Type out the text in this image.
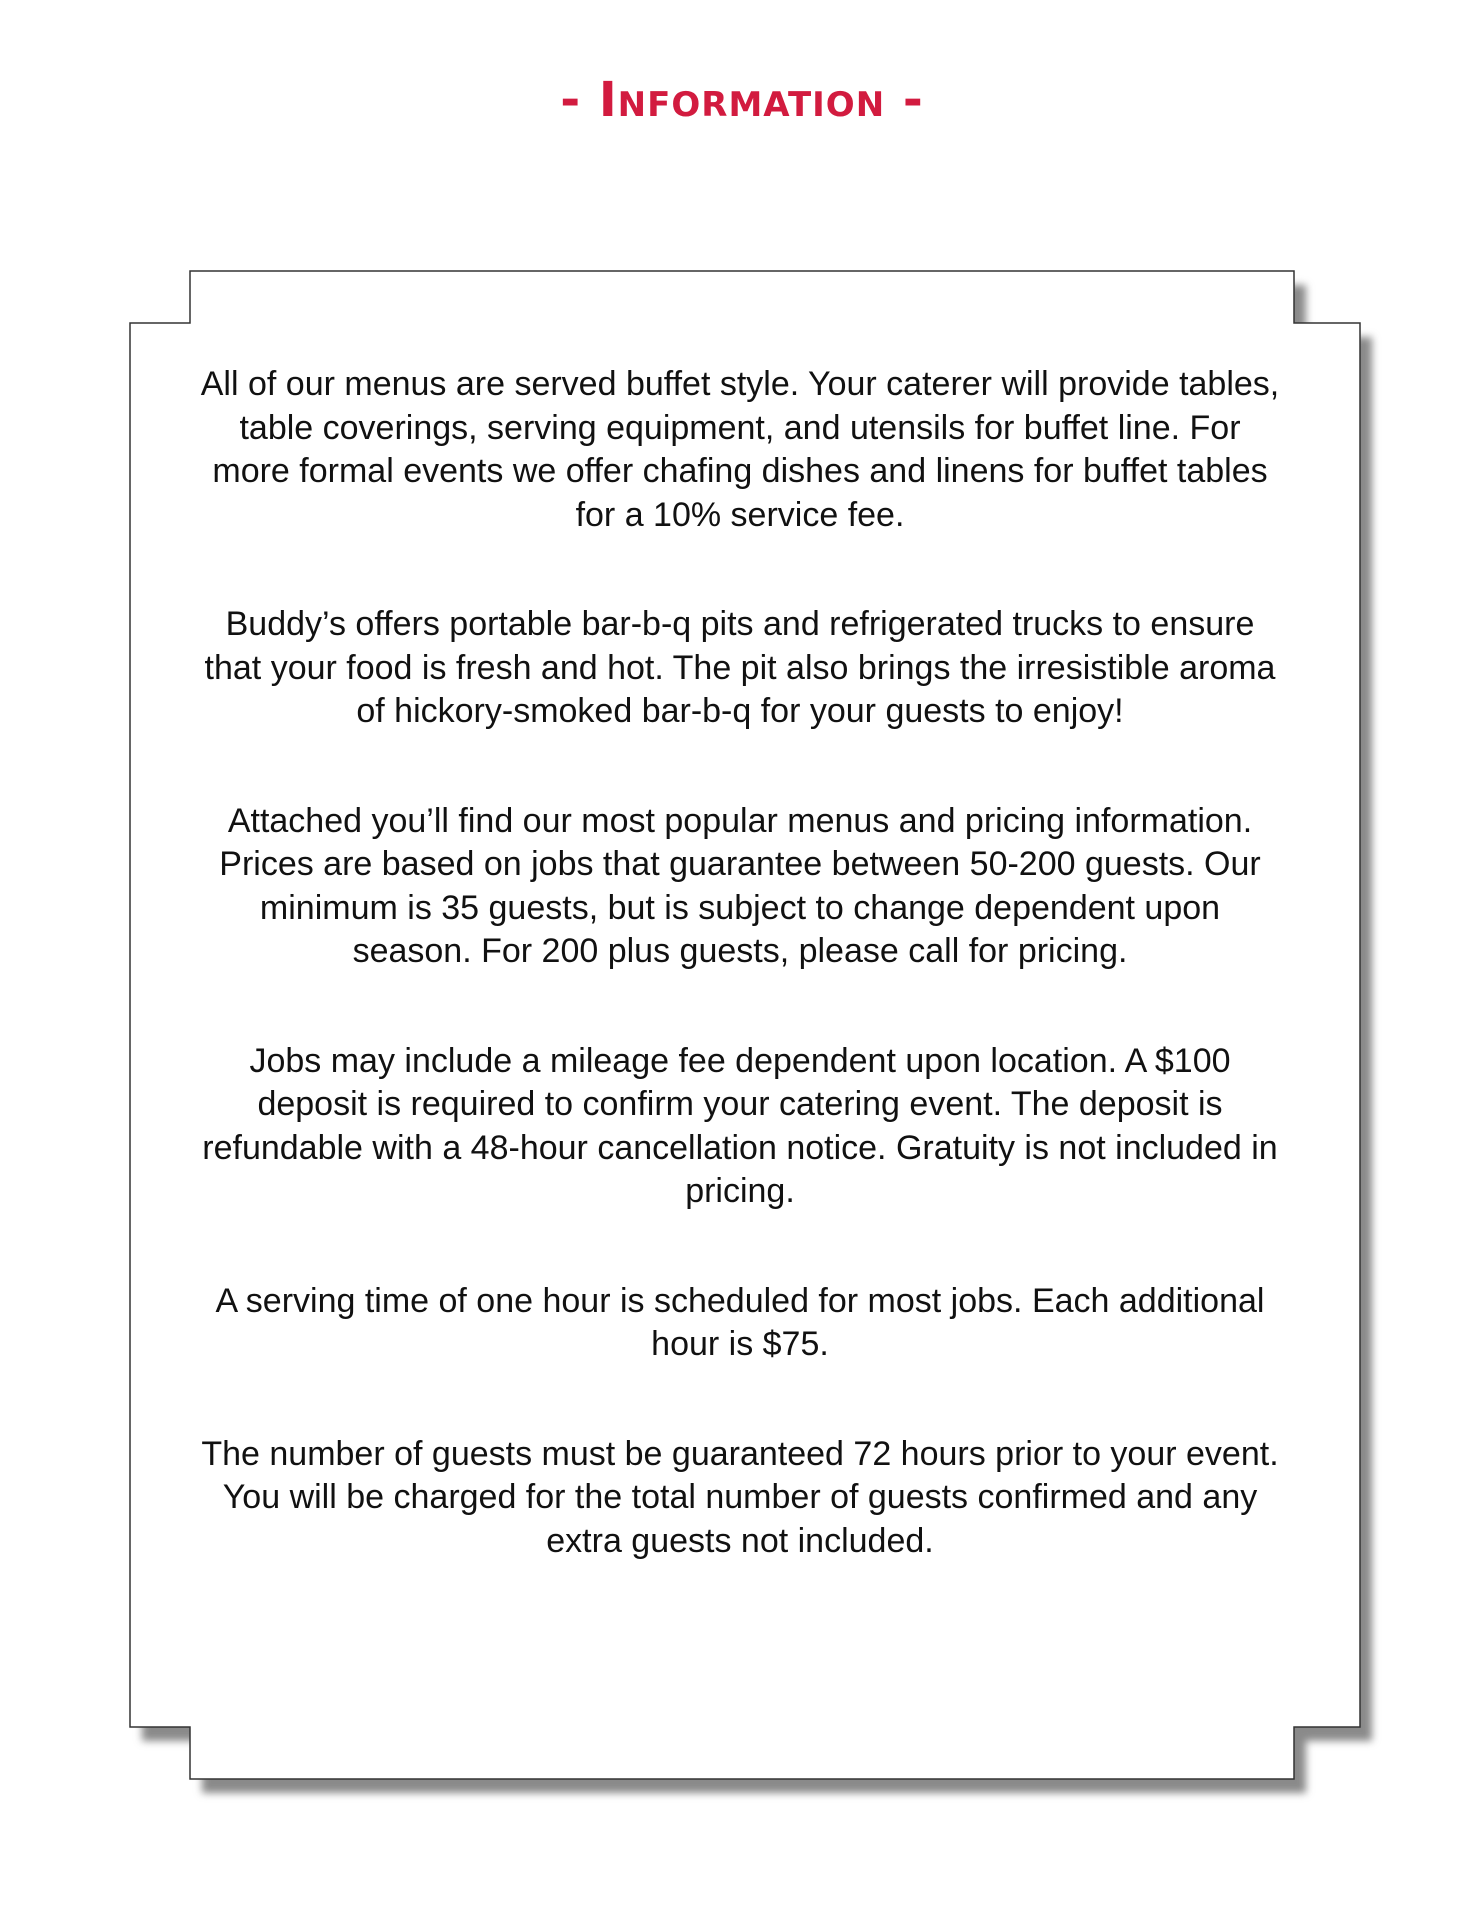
- Information -

All of our menus are served buffet style. Your caterer will provide tables, table coverings, serving equipment, and utensils for buffet line. For more formal events we offer chafing dishes and linens for buffet tables for a 10% service fee.

Buddy’s offers portable bar-b-q pits and refrigerated trucks to ensure that your food is fresh and hot. The pit also brings the irresistible aroma of hickory-smoked bar-b-q for your guests to enjoy!

Attached you’ll find our most popular menus and pricing information. Prices are based on jobs that guarantee between 50-200 guests. Our minimum is 35 guests, but is subject to change dependent upon season. For 200 plus guests, please call for pricing.

Jobs may include a mileage fee dependent upon location. A $100 deposit is required to confirm your catering event. The deposit is refundable with a 48-hour cancellation notice. Gratuity is not included in pricing.

A serving time of one hour is scheduled for most jobs. Each additional hour is $75.

The number of guests must be guaranteed 72 hours prior to your event. You will be charged for the total number of guests confirmed and any extra guests not included.
